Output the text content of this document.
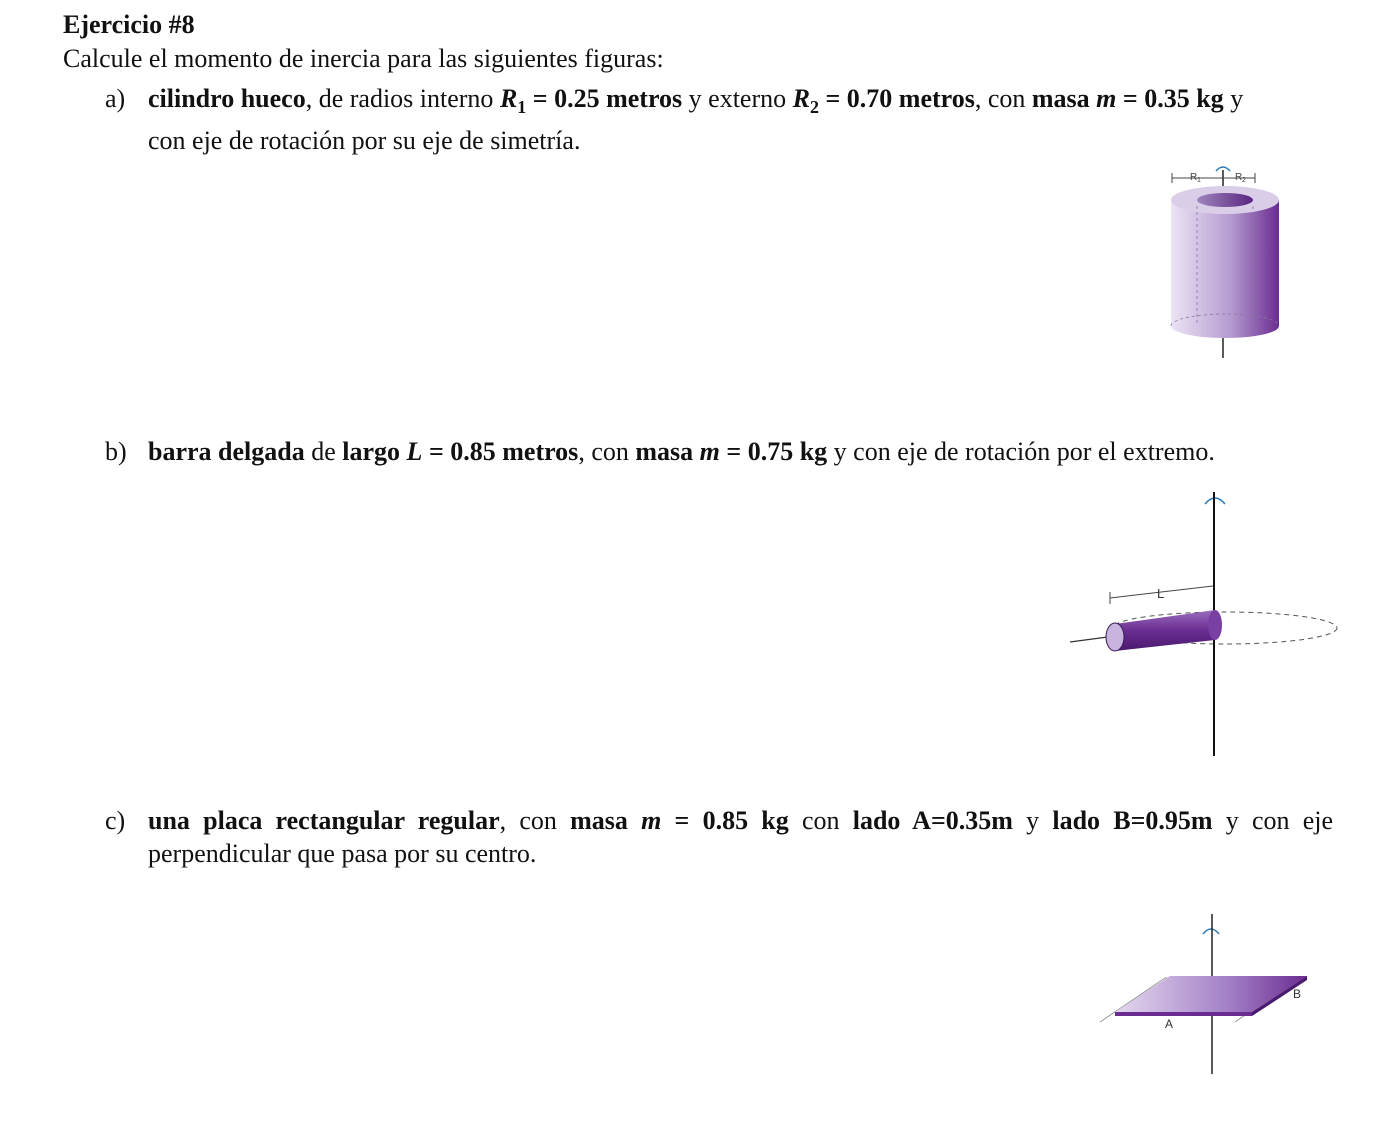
Ejercicio #8
Calcule el momento de inercia para las siguientes figuras:
a) cilindro hueco, de radios interno $R_1 = 0.25$ metros y externo $R_2 = 0.70$ metros, con masa m = 0.35 kg y
con eje de rotación por su eje de simetría.
b) barra delgada de largo L = 0.85 metros, con masa m = 0.75 kg y con eje de rotación por el extremo.
c) una placa rectangular regular, con masa m = 0.85 kg con lado A=0.35m y lado B=0.95m y con eje
perpendicular que pasa por su centro.
R 1	R 2
L
A
B
